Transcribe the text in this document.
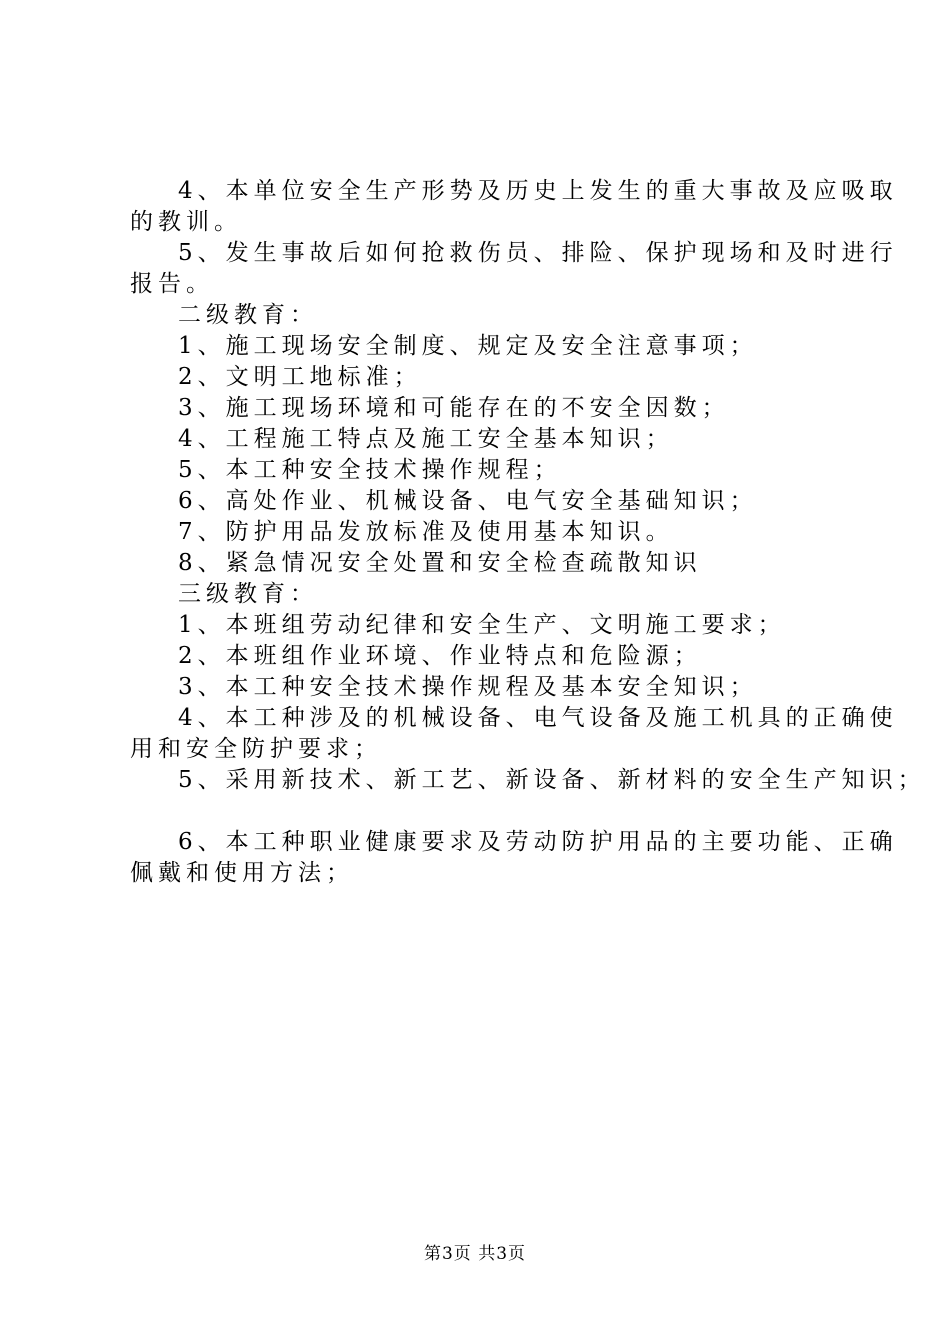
4、本单位安全生产形势及历史上发生的重大事故及应吸取
的教训。
5、发生事故后如何抢救伤员、排险、保护现场和及时进行
报告。
二级教育：
1、施工现场安全制度、规定及安全注意事项；
2、文明工地标准；
3、施工现场环境和可能存在的不安全因数；
4、工程施工特点及施工安全基本知识；
5、本工种安全技术操作规程；
6、高处作业、机械设备、电气安全基础知识；
7、防护用品发放标准及使用基本知识。
8、紧急情况安全处置和安全检查疏散知识
三级教育：
1、本班组劳动纪律和安全生产、文明施工要求；
2、本班组作业环境、作业特点和危险源；
3、本工种安全技术操作规程及基本安全知识；
4、本工种涉及的机械设备、电气设备及施工机具的正确使
用和安全防护要求；
5、采用新技术、新工艺、新设备、新材料的安全生产知识；
6、本工种职业健康要求及劳动防护用品的主要功能、正确
佩戴和使用方法；
第3页 共3页
